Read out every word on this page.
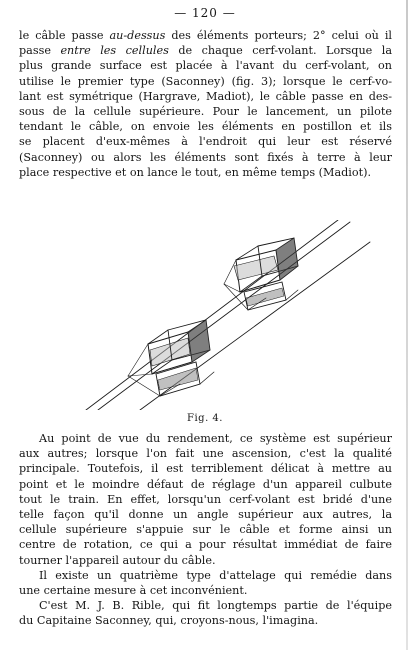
— 120 —
le câble passe au-dessus des éléments porteurs; 2° celui où il
passe entre les cellules de chaque cerf-volant. Lorsque la
plus grande surface est placée à l'avant du cerf-volant, on
utilise le premier type (Saconney) (fig. 3); lorsque le cerf-vo-
lant est symétrique (Hargrave, Madiot), le câble passe en des-
sous de la cellule supérieure. Pour le lancement, un pilote
tendant le câble, on envoie les éléments en postillon et ils
se placent d'eux-mêmes à l'endroit qui leur est réservé
(Saconney) ou alors les éléments sont fixés à terre à leur
place respective et on lance le tout, en même temps (Madiot).
Fig. 4.
Au point de vue du rendement, ce système est supérieur
aux autres; lorsque l'on fait une ascension, c'est la qualité
principale. Toutefois, il est terriblement délicat à mettre au
point et le moindre défaut de réglage d'un appareil culbute
tout le train. En effet, lorsqu'un cerf-volant est bridé d'une
telle façon qu'il donne un angle supérieur aux autres, la
cellule supérieure s'appuie sur le câble et forme ainsi un
centre de rotation, ce qui a pour résultat immédiat de faire
tourner l'appareil autour du câble.
Il existe un quatrième type d'attelage qui remédie dans
une certaine mesure à cet inconvénient.
C'est M. J. B. Rible, qui fit longtemps partie de l'équipe
du Capitaine Saconney, qui, croyons-nous, l'imagina.
